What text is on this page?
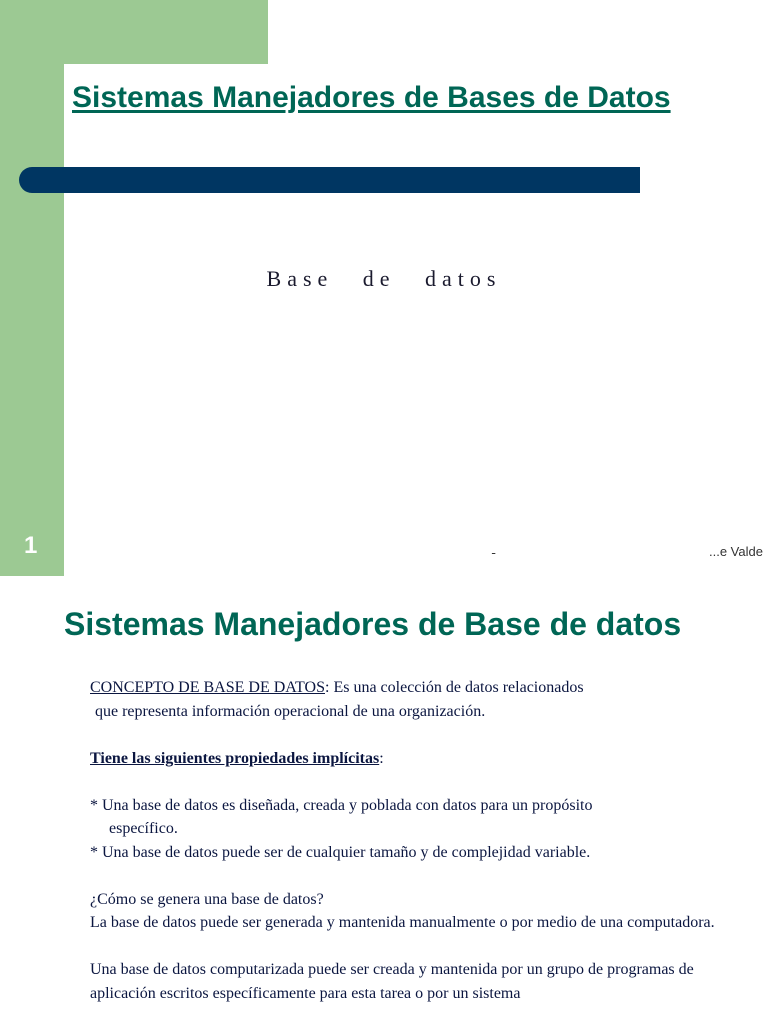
Sistemas Manejadores de Bases de Datos
Base de datos
1	ـ	...e Valde
Sistemas Manejadores de Base de datos

CONCEPTO DE BASE DE DATOS: Es una colección de datos relacionados

que representa información operacional de una organización.

Tiene las siguientes propiedades implícitas:

* Una base de datos es diseñada, creada y poblada con datos para un propósito

específico.

* Una base de datos puede ser de cualquier tamaño y de complejidad variable.

¿Cómo se genera una base de datos?

La base de datos puede ser generada y mantenida manualmente o por medio de una computadora.

Una base de datos computarizada puede ser creada y mantenida por un grupo de programas de aplicación escritos específicamente para esta tarea o por un sistema
